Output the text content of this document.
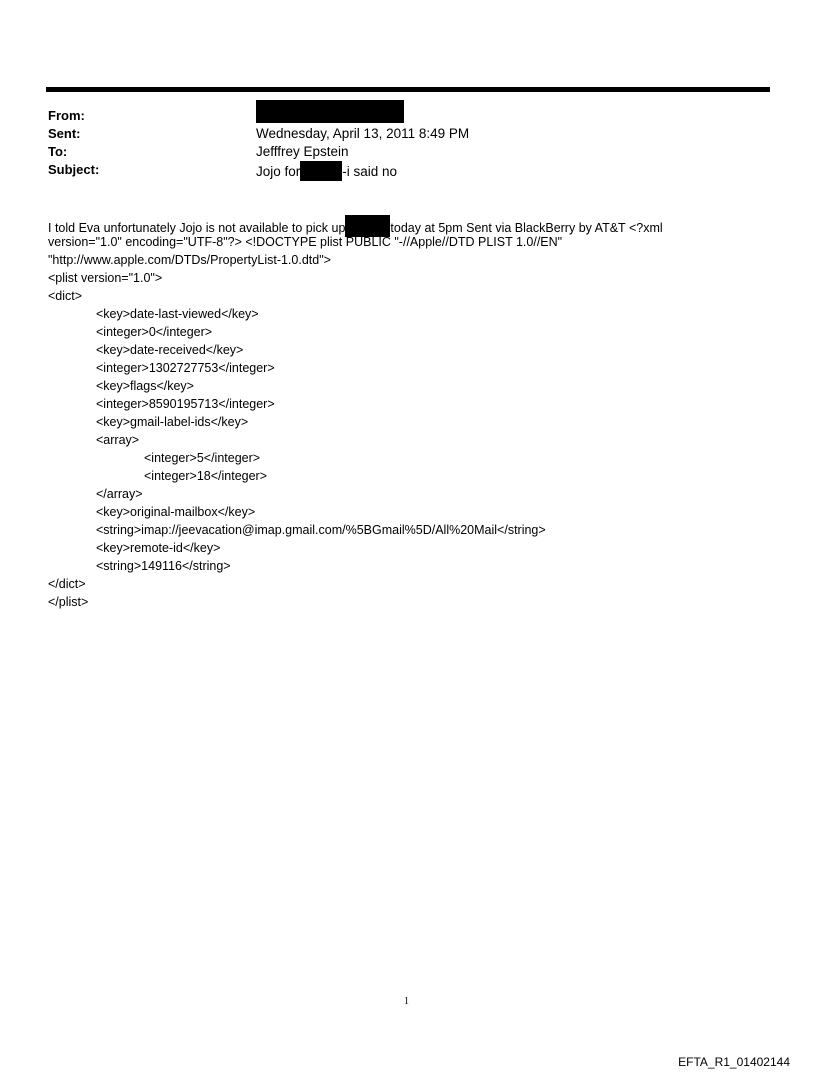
From:
Sent:
To:
Subject:
Wednesday, April 13, 2011 8:49 PM
Jefffrey Epstein
Jojo for	-i said no
I told Eva unfortunately Jojo is not available to pick up	today at 5pm Sent via BlackBerry by AT&T <?xml
version="1.0" encoding="UTF-8"?> <!DOCTYPE plist PUBLIC "-//Apple//DTD PLIST 1.0//EN"
"http://www.apple.com/DTDs/PropertyList-1.0.dtd">
<plist version="1.0">
<dict>
<key>date-last-viewed</key>
<integer>0</integer>
<key>date-received</key>
<integer>1302727753</integer>
<key>flags</key>
<integer>8590195713</integer>
<key>gmail-label-ids</key>
<array>
<integer>5</integer>
<integer>18</integer>
</array>
<key>original-mailbox</key>
<string>imap://jeevacation@imap.gmail.com/%5BGmail%5D/All%20Mail</string>
<key>remote-id</key>
<string>149116</string>
</dict>
</plist>
1
EFTA_R1_01402144
